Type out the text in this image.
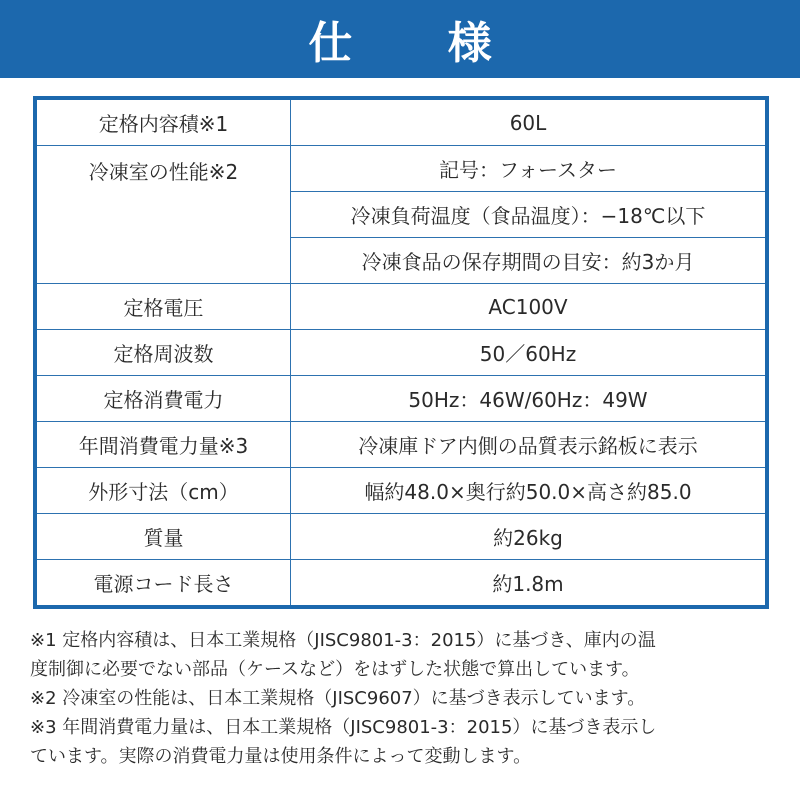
仕 様
定格内容積※1	60L
冷凍室の性能※2	記号：フォースター
	冷凍負荷温度（食品温度）：−18℃以下
	冷凍食品の保存期間の目安：約3か月
定格電圧	AC100V
定格周波数	50／60Hz
定格消費電力	50Hz：46W/60Hz：49W
年間消費電力量※3	冷凍庫ドア内側の品質表示銘板に表示
外形寸法（cm）	幅約48.0×奥行約50.0×高さ約85.0
質量	約26kg
電源コード長さ	約1.8m
※1 定格内容積は、日本工業規格（JISC9801-3：2015）に基づき、庫内の温
度制御に必要でない部品（ケースなど）をはずした状態で算出しています。
※2 冷凍室の性能は、日本工業規格（JISC9607）に基づき表示しています。
※3 年間消費電力量は、日本工業規格（JISC9801-3：2015）に基づき表示し
ています。実際の消費電力量は使用条件によって変動します。
